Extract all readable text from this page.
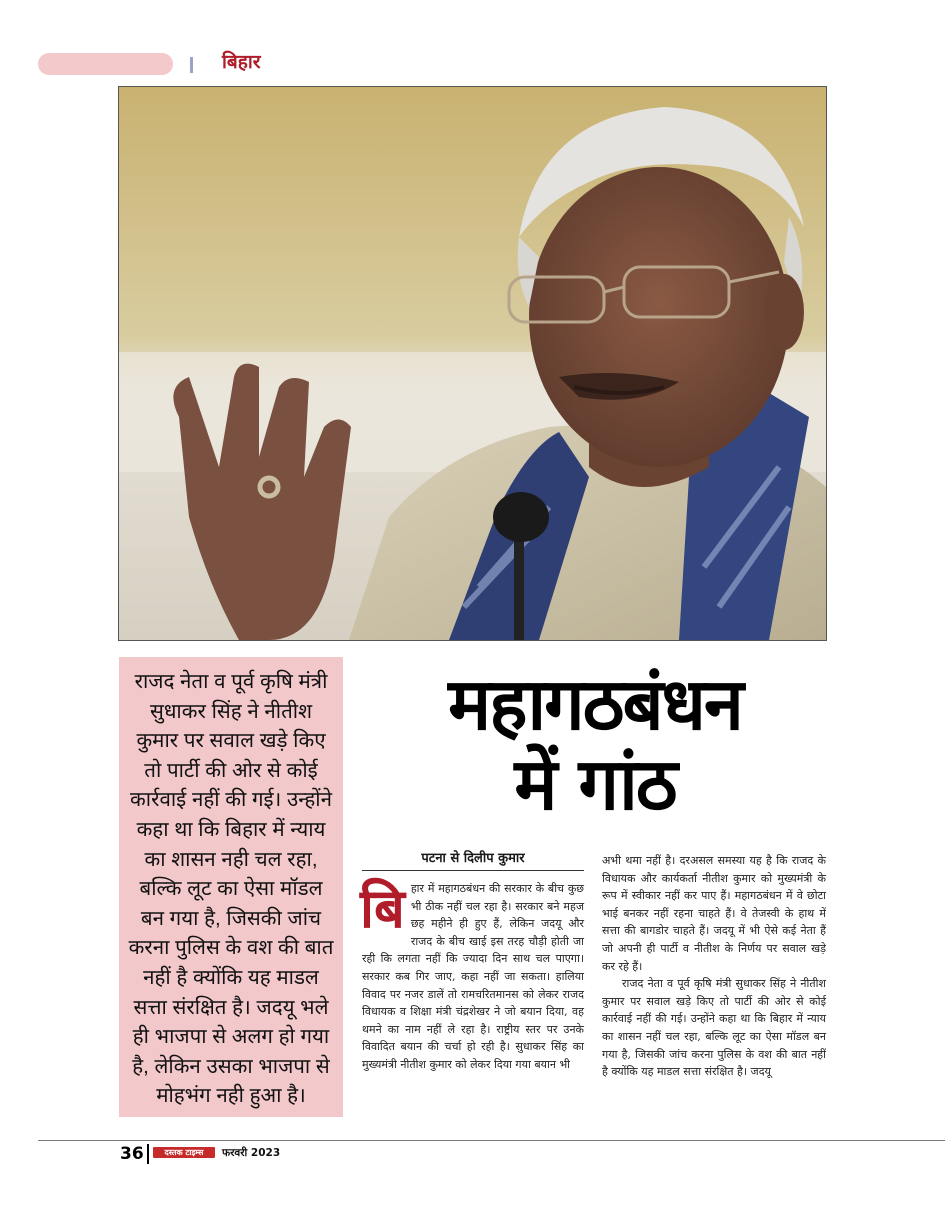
बिहार
राजद नेता व पूर्व कृषि मंत्री सुधाकर सिंह ने नीतीश कुमार पर सवाल खड़े किए तो पार्टी की ओर से कोई कार्रवाई नहीं की गई। उन्होंने कहा था कि बिहार में न्याय का शासन नही चल रहा, बल्कि लूट का ऐसा मॉडल बन गया है, जिसकी जांच करना पुलिस के वश की बात नहीं है क्योंकि यह माडल सत्ता संरक्षित है। जदयू भले ही भाजपा से अलग हो गया है, लेकिन उसका भाजपा से मोहभंग नही हुआ है।
महागठबंधन
में गांठ
पटना से दिलीप कुमार
बि हार में महागठबंधन की सरकार के बीच कुछ भी ठीक नहीं चल रहा है। सरकार बने महज छह महीने ही हुए हैं, लेकिन जदयू और राजद के बीच खाई इस तरह चौड़ी होती जा रही कि लगता नहीं कि ज्यादा दिन साथ चल पाएगा। सरकार कब गिर जाए, कहा नहीं जा सकता। हालिया विवाद पर नजर डालें तो रामचरितमानस को लेकर राजद विधायक व शिक्षा मंत्री चंद्रशेखर ने जो बयान दिया, वह थमने का नाम नहीं ले रहा है। राष्ट्रीय स्तर पर उनके विवादित बयान की चर्चा हो रही है। सुधाकर सिंह का मुख्यमंत्री नीतीश कुमार को लेकर दिया गया बयान भी

अभी थमा नहीं है। दरअसल समस्या यह है कि राजद के विधायक और कार्यकर्ता नीतीश कुमार को मुख्यमंत्री के रूप में स्वीकार नहीं कर पाए हैं। महागठबंधन में वे छोटा भाई बनकर नहीं रहना चाहते हैं। वे तेजस्वी के हाथ में सत्ता की बागडोर चाहते हैं। जदयू में भी ऐसे कई नेता हैं जो अपनी ही पार्टी व नीतीश के निर्णय पर सवाल खड़े कर रहे हैं।

राजद नेता व पूर्व कृषि मंत्री सुधाकर सिंह ने नीतीश कुमार पर सवाल खड़े किए तो पार्टी की ओर से कोई कार्रवाई नहीं की गई। उन्होंने कहा था कि बिहार में न्याय का शासन नहीं चल रहा, बल्कि लूट का ऐसा मॉडल बन गया है, जिसकी जांच करना पुलिस के वश की बात नहीं है क्योंकि यह माडल सत्ता संरक्षित है। जदयू

36	दस्तक टाइम्स	फरवरी 2023
